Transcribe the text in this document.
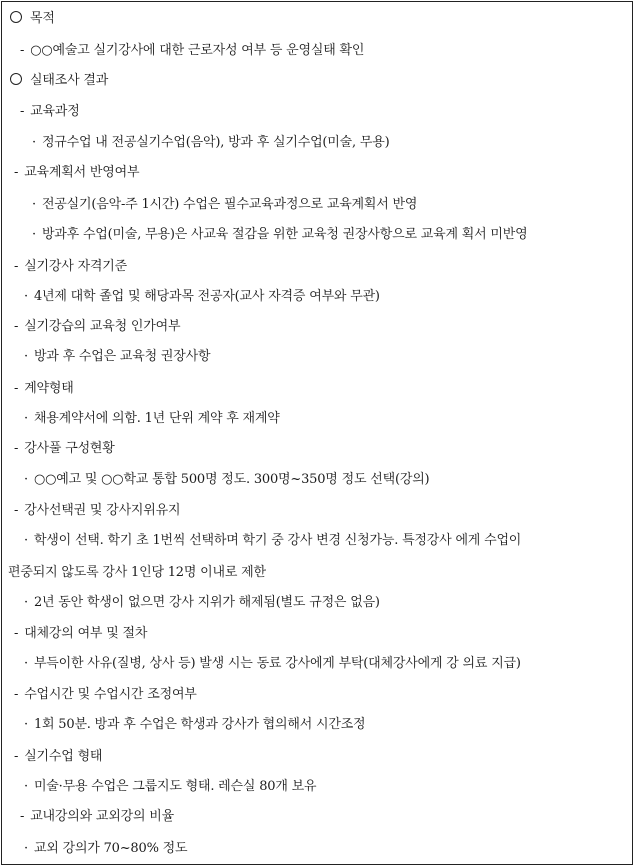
목적
- ○○예술고 실기강사에 대한 근로자성 여부 등 운영실태 확인
실태조사 결과
- 교육과정
· 정규수업 내 전공실기수업(음악), 방과 후 실기수업(미술, 무용)
- 교육계획서 반영여부
· 전공실기(음악-주 1시간) 수업은 필수교육과정으로 교육계획서 반영
· 방과후 수업(미술, 무용)은 사교육 절감을 위한 교육청 권장사항으로 교육계 획서 미반영
- 실기강사 자격기준
· 4년제 대학 졸업 및 해당과목 전공자(교사 자격증 여부와 무관)
- 실기강습의 교육청 인가여부
· 방과 후 수업은 교육청 권장사항
- 계약형태
· 채용계약서에 의함. 1년 단위 계약 후 재계약
- 강사풀 구성현황
· ○○예고 및 ○○학교 통합 500명 정도. 300명~350명 정도 선택(강의)
- 강사선택권 및 강사지위유지
· 학생이 선택. 학기 초 1번씩 선택하며 학기 중 강사 변경 신청가능. 특정강사 에게 수업이
편중되지 않도록 강사 1인당 12명 이내로 제한
· 2년 동안 학생이 없으면 강사 지위가 해제됨(별도 규정은 없음)
- 대체강의 여부 및 절차
· 부득이한 사유(질병, 상사 등) 발생 시는 동료 강사에게 부탁(대체강사에게 강 의료 지급)
- 수업시간 및 수업시간 조정여부
· 1회 50분. 방과 후 수업은 학생과 강사가 협의해서 시간조정
- 실기수업 형태
· 미술·무용 수업은 그룹지도 형태. 레슨실 80개 보유
- 교내강의와 교외강의 비율
· 교외 강의가 70~80% 정도
